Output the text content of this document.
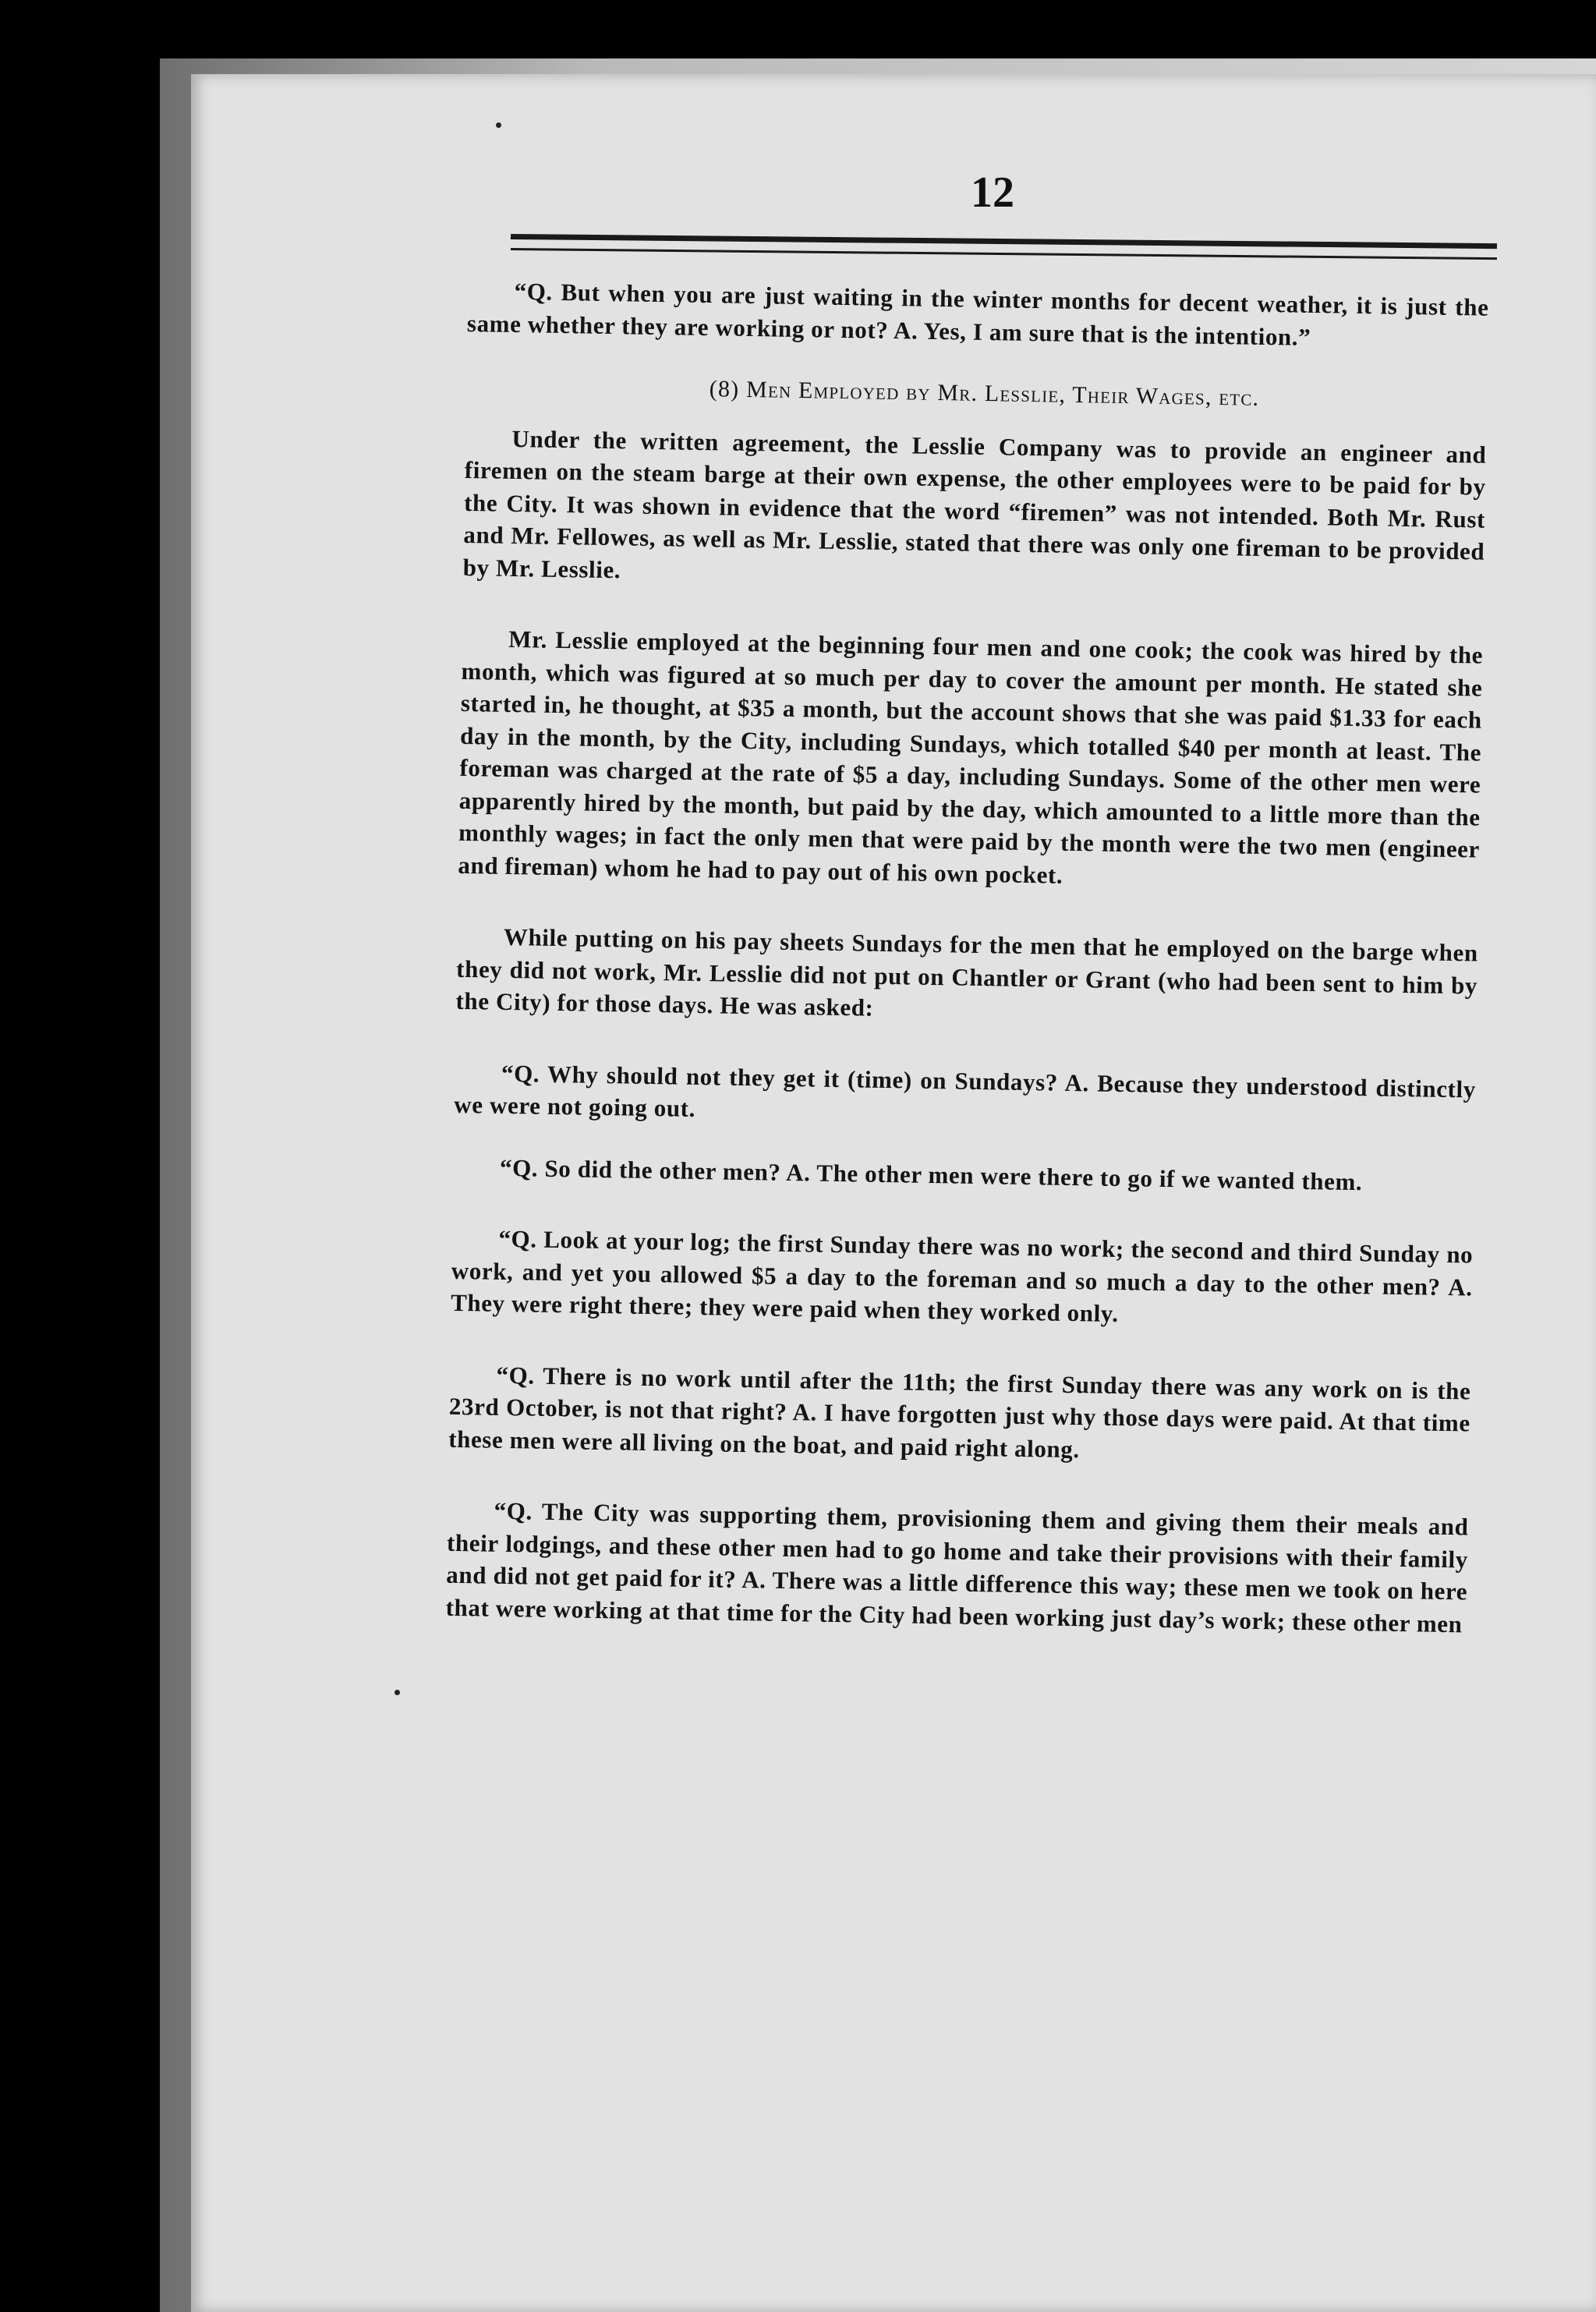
12

“Q. But when you are just waiting in the winter months for decent weather, it is just the same whether they are working or not? A. Yes, I am sure that is the intention.”

(8) Men Employed by Mr. Lesslie, Their Wages, etc.

Under the written agreement, the Lesslie Company was to provide an engineer and firemen on the steam barge at their own expense, the other employees were to be paid for by the City. It was shown in evidence that the word “firemen” was not intended. Both Mr. Rust and Mr. Fellowes, as well as Mr. Lesslie, stated that there was only one fireman to be provided by Mr. Lesslie.

Mr. Lesslie employed at the beginning four men and one cook; the cook was hired by the month, which was figured at so much per day to cover the amount per month. He stated she started in, he thought, at $35 a month, but the account shows that she was paid $1.33 for each day in the month, by the City, including Sundays, which totalled $40 per month at least. The foreman was charged at the rate of $5 a day, including Sundays. Some of the other men were apparently hired by the month, but paid by the day, which amounted to a little more than the monthly wages; in fact the only men that were paid by the month were the two men (engineer and fireman) whom he had to pay out of his own pocket.

While putting on his pay sheets Sundays for the men that he employed on the barge when they did not work, Mr. Lesslie did not put on Chantler or Grant (who had been sent to him by the City) for those days. He was asked:

“Q. Why should not they get it (time) on Sundays? A. Because they understood distinctly we were not going out.

“Q. So did the other men? A. The other men were there to go if we wanted them.

“Q. Look at your log; the first Sunday there was no work; the second and third Sunday no work, and yet you allowed $5 a day to the foreman and so much a day to the other men? A. They were right there; they were paid when they worked only.

“Q. There is no work until after the 11th; the first Sunday there was any work on is the 23rd October, is not that right? A. I have forgotten just why those days were paid. At that time these men were all living on the boat, and paid right along.

“Q. The City was supporting them, provisioning them and giving them their meals and their lodgings, and these other men had to go home and take their provisions with their family and did not get paid for it? A. There was a little difference this way; these men we took on here that were working at that time for the City had been working just day’s work; these other men
